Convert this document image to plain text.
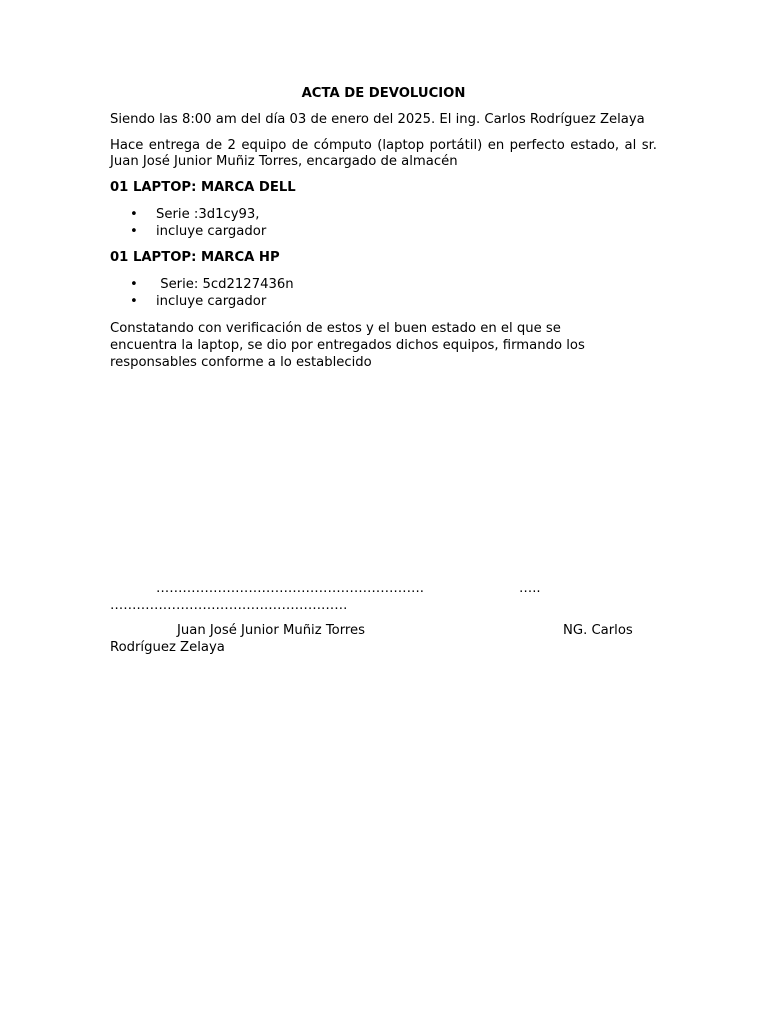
ACTA DE DEVOLUCION

Siendo las 8:00 am del día 03 de enero del 2025. El ing. Carlos Rodríguez Zelaya

Hace entrega de 2 equipo de cómputo (laptop portátil) en perfecto estado, al sr. Juan José Junior Muñiz Torres, encargado de almacén

01 LAPTOP: MARCA DELL

• Serie :3d1cy93,
• incluye cargador

01 LAPTOP: MARCA HP

• Serie: 5cd2127436n
• incluye cargador

Constatando con verificación de estos y el buen estado en el que se encuentra la laptop, se dio por entregados dichos equipos, firmando los responsables conforme a lo establecido

…………………………………………………….	…..
………………………………………………
Juan José Junior Muñiz Torres	NG. Carlos
Rodríguez Zelaya
